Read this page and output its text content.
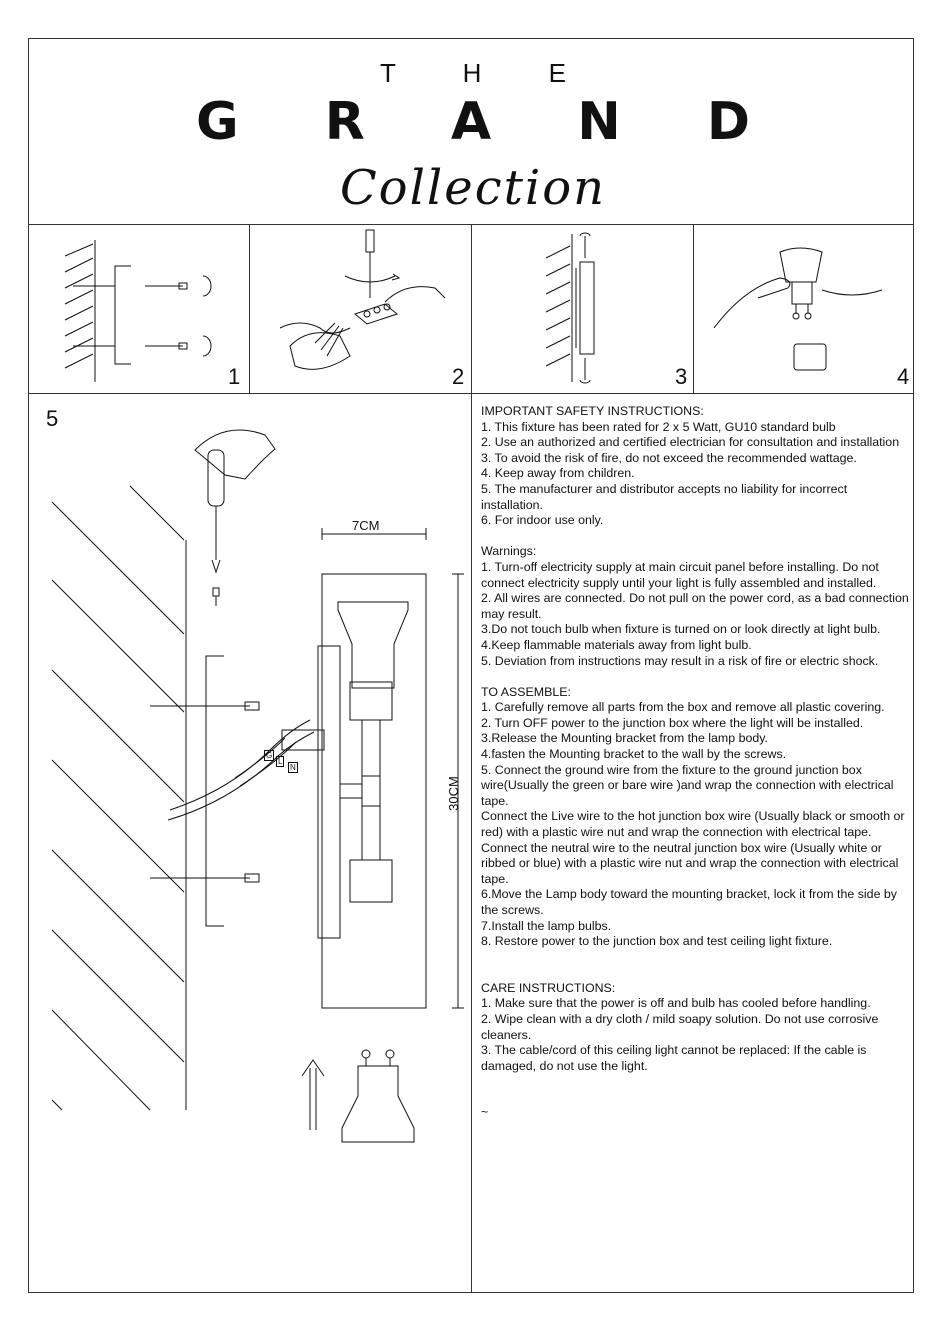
T H E
G R A N D
Collection
1	2	3	4
5
7CM
30CM
G
L
N

IMPORTANT SAFETY INSTRUCTIONS:

1. This fixture has been rated for 2 x 5 Watt, GU10 standard bulb

2. Use an authorized and certified electrician for consultation and installation

3. To avoid the risk of fire, do not exceed the recommended wattage.

4. Keep away from children.

5. The manufacturer and distributor accepts no liability for incorrect installation.

6. For indoor use only.

Warnings:

1. Turn-off electricity supply at main circuit panel before installing. Do not connect electricity supply until your light is fully assembled and installed.

2. All wires are connected. Do not pull on the power cord, as a bad connection may result.

3.Do not touch bulb when fixture is turned on or look directly at light bulb.

4.Keep flammable materials away from light bulb.

5. Deviation from instructions may result in a risk of fire or electric shock.

TO ASSEMBLE:

1. Carefully remove all parts from the box and remove all plastic covering.

2. Turn OFF power to the junction box where the light will be installed.

3.Release the Mounting bracket from the lamp body.

4.fasten the Mounting bracket to the wall by the screws.

5. Connect the ground wire from the fixture to the ground junction box wire(Usually the green or bare wire )and wrap the connection with electrical tape.

Connect the Live wire to the hot junction box wire (Usually black or smooth or red) with a plastic wire nut and wrap the connection with electrical tape.

Connect the neutral wire to the neutral junction box wire (Usually white or ribbed or blue) with a plastic wire nut and wrap the connection with electrical tape.

6.Move the Lamp body toward the mounting bracket, lock it from the side by the screws.

7.Install the lamp bulbs.

8. Restore power to the junction box and test ceiling light fixture.

CARE INSTRUCTIONS:

1. Make sure that the power is off and bulb has cooled before handling.

2. Wipe clean with a dry cloth / mild soapy solution. Do not use corrosive cleaners.

3. The cable/cord of this ceiling light cannot be replaced: If the cable is damaged, do not use the light.

~
